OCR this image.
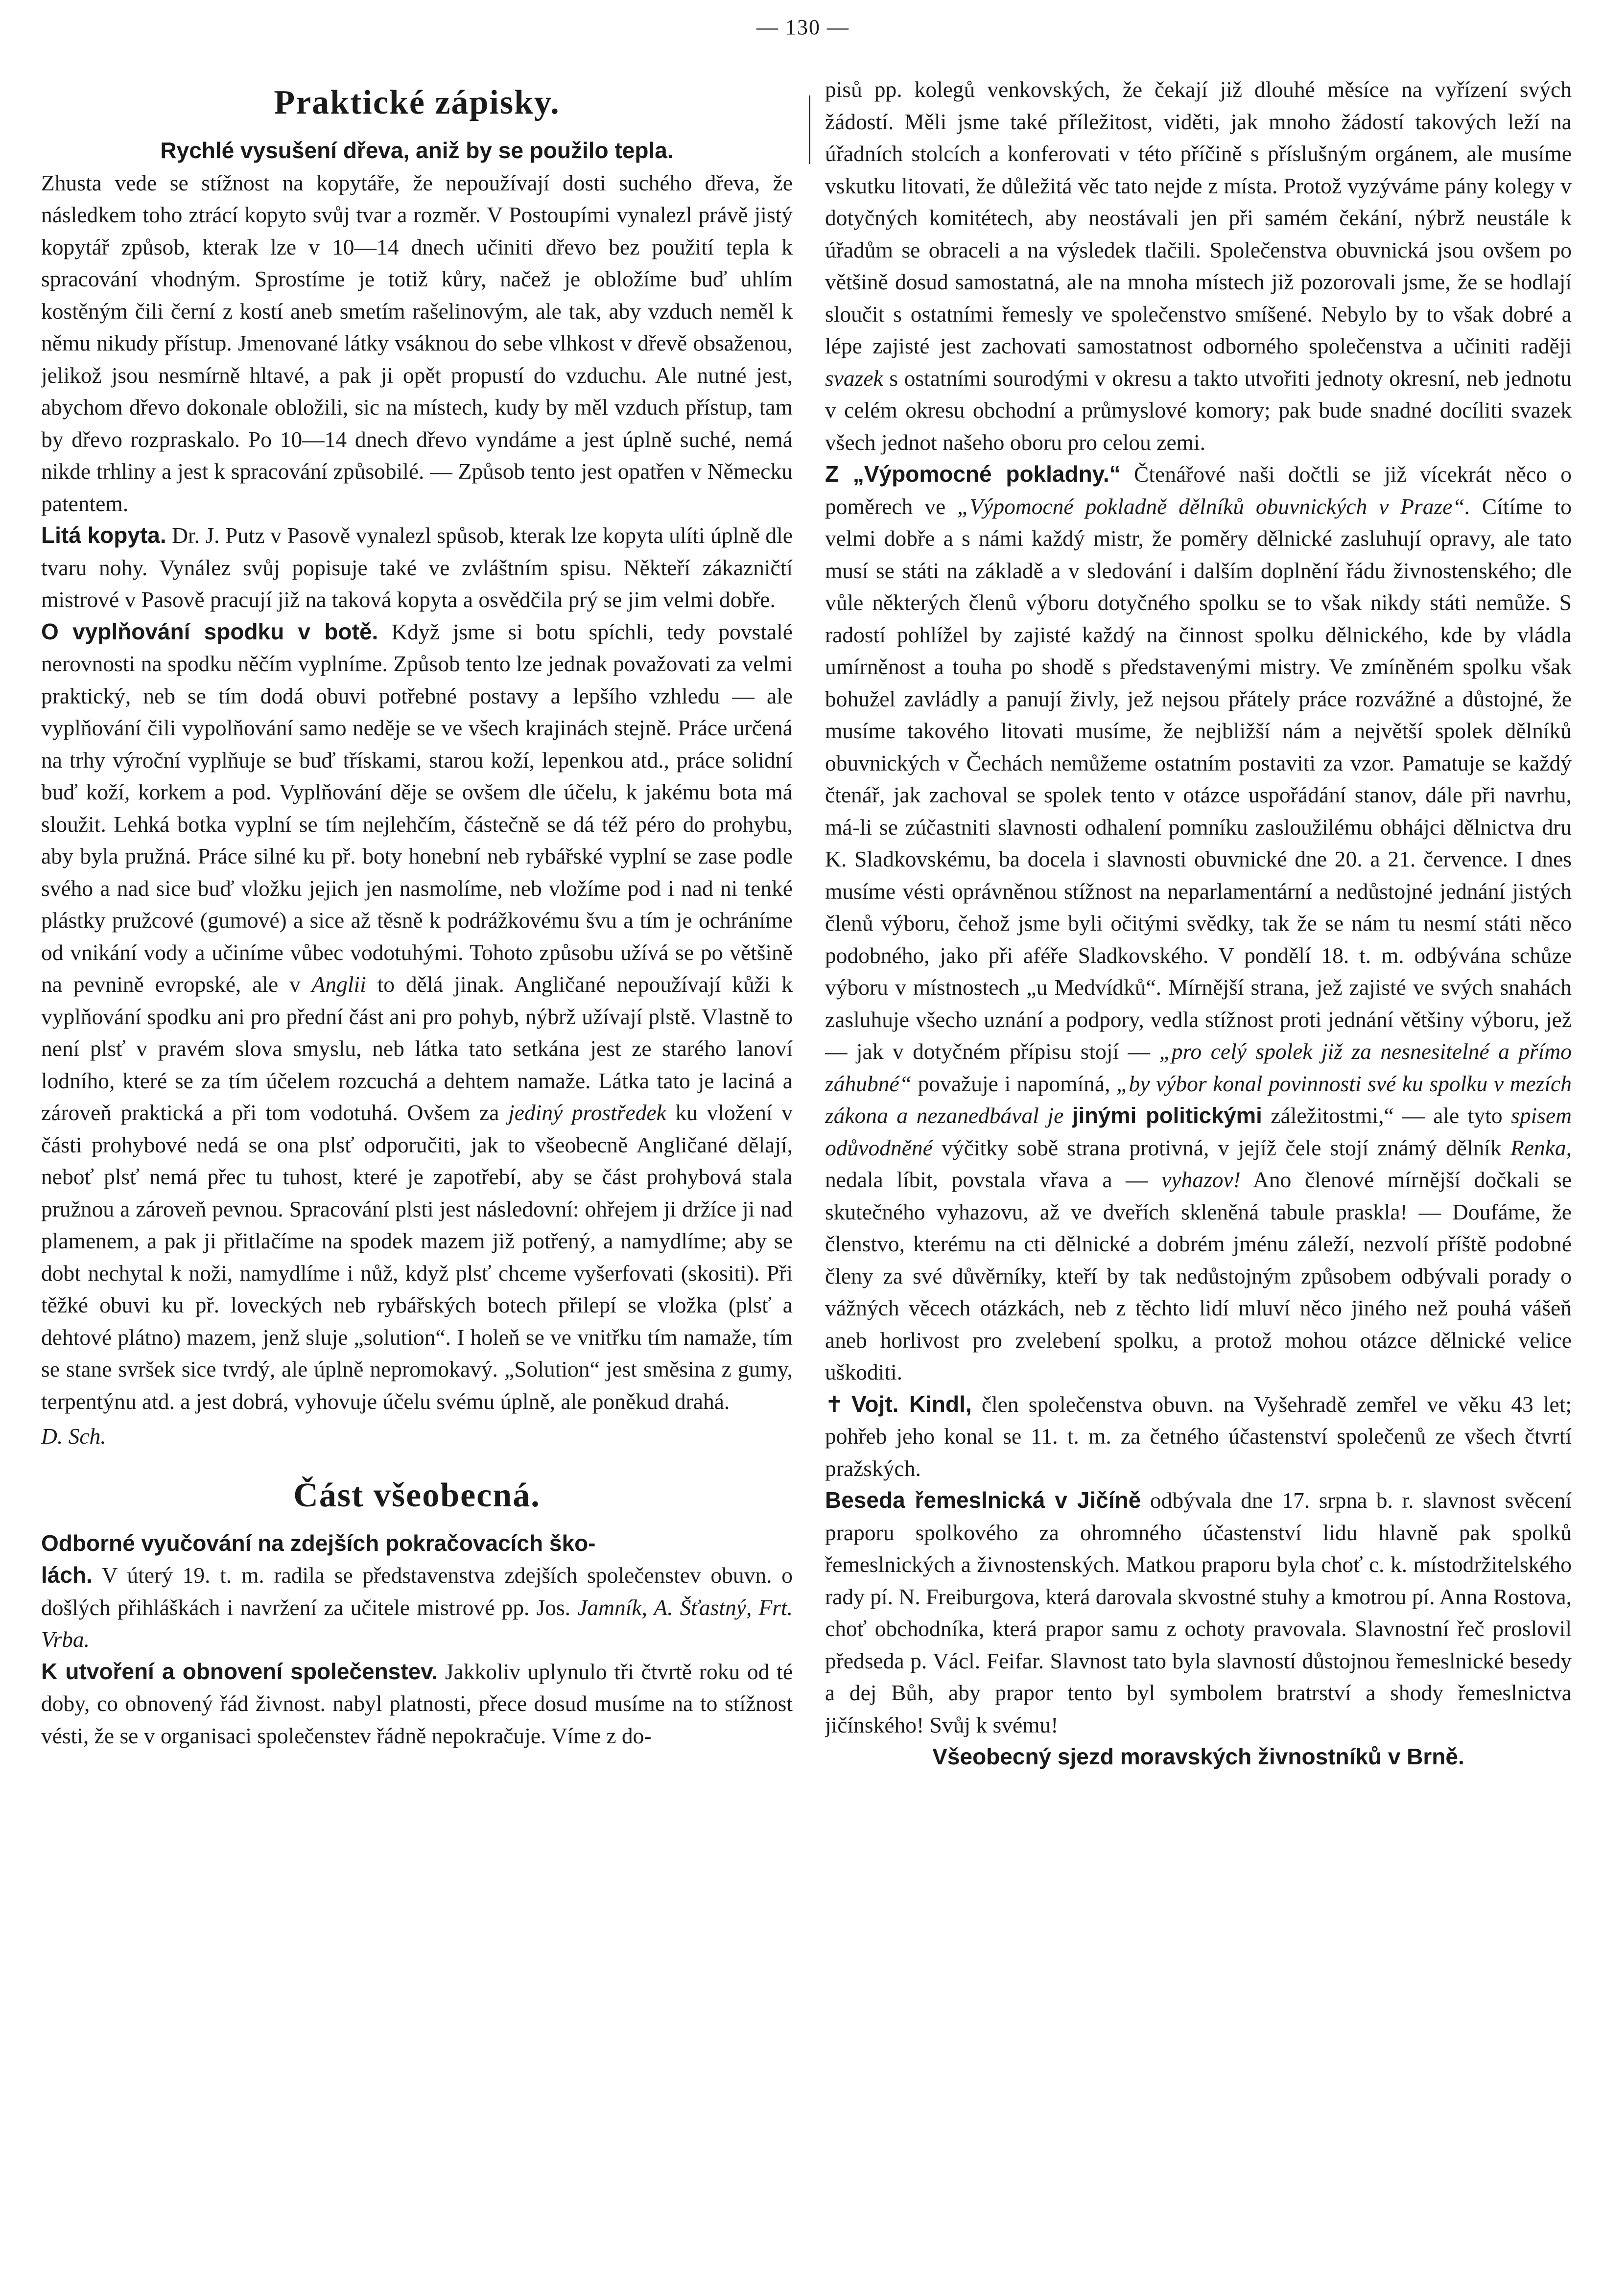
— 130 —
Praktické zápisky.

Rychlé vysušení dřeva, aniž by se použilo tepla.

Zhusta vede se stížnost na kopytáře, že nepoužívají dosti suchého dřeva, že následkem toho ztrácí kopyto svůj tvar a rozměr. V Postoupími vynalezl právě jistý kopytář způsob, kterak lze v 10—14 dnech učiniti dřevo bez použití tepla k spracování vhodným. Sprostíme je totiž kůry, načež je obložíme buď uhlím kostěným čili černí z kostí aneb smetím rašelinovým, ale tak, aby vzduch neměl k němu nikudy přístup. Jmenované látky vsáknou do sebe vlhkost v dřevě obsaženou, jelikož jsou nesmírně hltavé, a pak ji opět propustí do vzduchu. Ale nutné jest, abychom dřevo dokonale obložili, sic na místech, kudy by měl vzduch přístup, tam by dřevo rozpraskalo. Po 10—14 dnech dřevo vyndáme a jest úplně suché, nemá nikde trhliny a jest k spracování způsobilé. — Způsob tento jest opatřen v Německu patentem.

Litá kopyta. Dr. J. Putz v Pasově vynalezl spůsob, kterak lze kopyta ulíti úplně dle tvaru nohy. Vynález svůj popisuje také ve zvláštním spisu. Někteří zákazničtí mistrové v Pasově pracují již na taková kopyta a osvědčila prý se jim velmi dobře.

O vyplňování spodku v botě. Když jsme si botu spíchli, tedy povstalé nerovnosti na spodku něčím vyplníme. Způsob tento lze jednak považovati za velmi praktický, neb se tím dodá obuvi potřebné postavy a lepšího vzhledu — ale vyplňování čili vypolňování samo neděje se ve všech krajinách stejně. Práce určená na trhy výroční vyplňuje se buď třískami, starou koží, lepenkou atd., práce solidní buď koží, korkem a pod. Vyplňování děje se ovšem dle účelu, k jakému bota má sloužit. Lehká botka vyplní se tím nejlehčím, částečně se dá též péro do prohybu, aby byla pružná. Práce silné ku př. boty honební neb rybářské vyplní se zase podle svého a nad sice buď vložku jejich jen nasmolíme, neb vložíme pod i nad ni tenké plástky pružcové (gumové) a sice až těsně k podrážkovému švu a tím je ochráníme od vnikání vody a učiníme vůbec vodotuhými. Tohoto způsobu užívá se po většině na pevnině evropské, ale v Anglii to dělá jinak. Angličané nepoužívají kůži k vyplňování spodku ani pro přední část ani pro pohyb, nýbrž užívají plstě. Vlastně to není plsť v pravém slova smyslu, neb látka tato setkána jest ze starého lanoví lodního, které se za tím účelem rozcuchá a dehtem namaže. Látka tato je laciná a zároveň praktická a při tom vodotuhá. Ovšem za jediný prostředek ku vložení v části prohybové nedá se ona plsť odporučiti, jak to všeobecně Angličané dělají, neboť plsť nemá přec tu tuhost, které je zapotřebí, aby se část prohybová stala pružnou a zároveň pevnou. Spracování plsti jest následovní: ohřejem ji držíce ji nad plamenem, a pak ji přitlačíme na spodek mazem již potřený, a namydlíme; aby se dobt nechytal k noži, namydlíme i nůž, když plsť chceme vyšerfovati (skositi). Při těžké obuvi ku př. loveckých neb rybářských botech přilepí se vložka (plsť a dehtové plátno) mazem, jenž sluje „solution“. I holeň se ve vnitřku tím namaže, tím se stane svršek sice tvrdý, ale úplně nepromokavý. „Solution“ jest směsina z gumy, terpentýnu atd. a jest dobrá, vyhovuje účelu svému úplně, ale poněkud drahá.

D. Sch.

Část všeobecná.

Odborné vyučování na zdejších pokračovacích ško-

lách. V úterý 19. t. m. radila se představenstva zdejších společenstev obuvn. o došlých přihláškách i navržení za učitele mistrové pp. Jos. Jamník, A. Šťastný, Frt. Vrba.

K utvoření a obnovení společenstev. Jakkoliv uplynulo tři čtvrtě roku od té doby, co obnovený řád živnost. nabyl platnosti, přece dosud musíme na to stížnost vésti, že se v organisaci společenstev řádně nepokračuje. Víme z do-

pisů pp. kolegů venkovských, že čekají již dlouhé měsíce na vyřízení svých žádostí. Měli jsme také příležitost, viděti, jak mnoho žádostí takových leží na úřadních stolcích a konferovati v této příčině s příslušným orgánem, ale musíme vskutku litovati, že důležitá věc tato nejde z místa. Protož vyzýváme pány kolegy v dotyčných komitétech, aby neostávali jen při samém čekání, nýbrž neustále k úřadům se obraceli a na výsledek tlačili. Společenstva obuvnická jsou ovšem po většině dosud samostatná, ale na mnoha místech již pozorovali jsme, že se hodlají sloučit s ostatními řemesly ve společenstvo smíšené. Nebylo by to však dobré a lépe zajisté jest zachovati samostatnost odborného společenstva a učiniti raději svazek s ostatními sourodými v okresu a takto utvořiti jednoty okresní, neb jednotu v celém okresu obchodní a průmyslové komory; pak bude snadné docíliti svazek všech jednot našeho oboru pro celou zemi.

Z „Výpomocné pokladny.“ Čtenářové naši dočtli se již vícekrát něco o poměrech ve „Výpomocné pokladně dělníků obuvnických v Praze“. Cítíme to velmi dobře a s námi každý mistr, že poměry dělnické zasluhují opravy, ale tato musí se státi na základě a v sledování i dalším doplnění řádu živnostenského; dle vůle některých členů výboru dotyčného spolku se to však nikdy státi nemůže. S radostí pohlížel by zajisté každý na činnost spolku dělnického, kde by vládla umírněnost a touha po shodě s představenými mistry. Ve zmíněném spolku však bohužel zavládly a panují živly, jež nejsou přátely práce rozvážné a důstojné, že musíme takového litovati musíme, že nejbližší nám a největší spolek dělníků obuvnických v Čechách nemůžeme ostatním postaviti za vzor. Pamatuje se každý čtenář, jak zachoval se spolek tento v otázce uspořádání stanov, dále při navrhu, má-li se zúčastniti slavnosti odhalení pomníku zasloužilému obhájci dělnictva dru K. Sladkovskému, ba docela i slavnosti obuvnické dne 20. a 21. července. I dnes musíme vésti oprávněnou stížnost na neparlamentární a nedůstojné jednání jistých členů výboru, čehož jsme byli očitými svědky, tak že se nám tu nesmí státi něco podobného, jako při aféře Sladkovského. V pondělí 18. t. m. odbývána schůze výboru v místnostech „u Medvídků“. Mírnější strana, jež zajisté ve svých snahách zasluhuje všecho uznání a podpory, vedla stížnost proti jednání většiny výboru, jež — jak v dotyčném přípisu stojí — „pro celý spolek již za nesnesitelné a přímo záhubné“ považuje i napomíná, „by výbor konal povinnosti své ku spolku v mezích zákona a nezanedbával je jinými politickými záležitostmi,“ — ale tyto spisem odůvodněné výčitky sobě strana protivná, v jejíž čele stojí známý dělník Renka, nedala líbit, povstala vřava a — vyhazov! Ano členové mírnější dočkali se skutečného vyhazovu, až ve dveřích skleněná tabule praskla! — Doufáme, že členstvo, kterému na cti dělnické a dobrém jménu záleží, nezvolí příště podobné členy za své důvěrníky, kteří by tak nedůstojným způsobem odbývali porady o vážných věcech otázkách, neb z těchto lidí mluví něco jiného než pouhá vášeň aneb horlivost pro zvelebení spolku, a protož mohou otázce dělnické velice uškoditi.

✝ Vojt. Kindl, člen společenstva obuvn. na Vyšehradě zemřel ve věku 43 let; pohřeb jeho konal se 11. t. m. za četného účastenství společenů ze všech čtvrtí pražských.

Beseda řemeslnická v Jičíně odbývala dne 17. srpna b. r. slavnost svěcení praporu spolkového za ohromného účastenství lidu hlavně pak spolků řemeslnických a živnostenských. Matkou praporu byla choť c. k. místodržitelského rady pí. N. Freiburgova, která darovala skvostné stuhy a kmotrou pí. Anna Rostova, choť obchodníka, která prapor samu z ochoty pravovala. Slavnostní řeč proslovil předseda p. Václ. Feifar. Slavnost tato byla slavností důstojnou řemeslnické besedy a dej Bůh, aby prapor tento byl symbolem bratrství a shody řemeslnictva jičínského! Svůj k svému!

Všeobecný sjezd moravských živnostníků v Brně.
